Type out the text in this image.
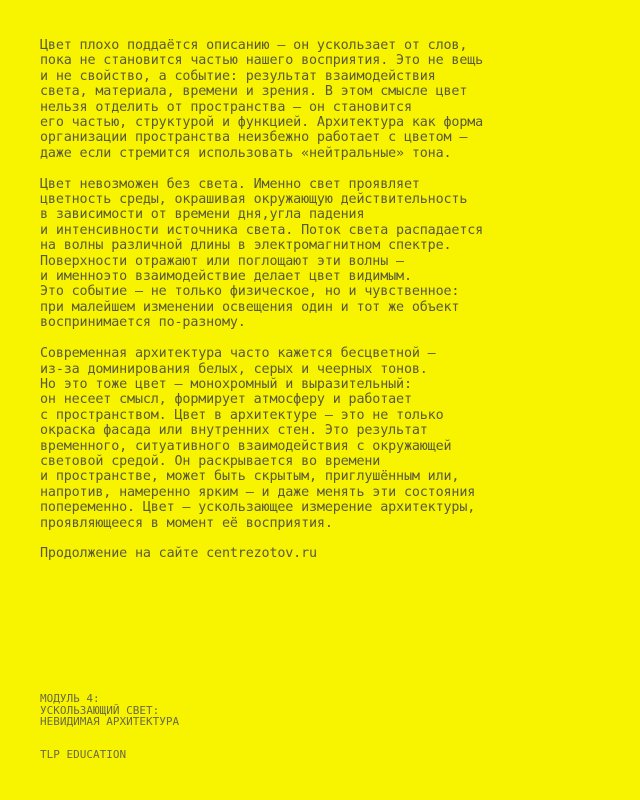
Цвет плохо поддаётся описанию — он ускользает от слов,
пока не становится частью нашего восприятия. Это не вещь
и не свойство, а событие: результат взаимодействия
света, материала, времени и зрения. В этом смысле цвет
нельзя отделить от пространства — он становится
его частью, структурой и функцией. Архитектура как форма
организации пространства неизбежно работает с цветом —
даже если стремится использовать «нейтральные» тона.

Цвет невозможен без света. Именно свет проявляет
цветность среды, окрашивая окружающую действительность
в зависимости от времени дня,угла падения
и интенсивности источника света. Поток света распадается
на волны различной длины в электромагнитном спектре.
Поверхности отражают или поглощают эти волны —
и именноэто взаимодействие делает цвет видимым.
Это событие — не только физическое, но и чувственное:
при малейшем изменении освещения один и тот же объект
воспринимается по-разному.

Современная архитектура часто кажется бесцветной —
из-за доминирования белых, серых и чеерных тонов.
Но это тоже цвет — монохромный и выразительный:
он несеет смысл, формирует атмосферу и работает
с пространством. Цвет в архитектуре — это не только
окраска фасада или внутренних стен. Это результат
временного, ситуативного взаимодействия с окружающей
световой средой. Он раскрывается во времени
и пространстве, может быть скрытым, приглушённым или,
напротив, намеренно ярким — и даже менять эти состояния
попеременно. Цвет — ускользающее измерение архитектуры,
проявляющееся в момент её восприятия.

Продолжение на сайте centrezotov.ru

МОДУЛЬ 4:
УСКОЛЬЗАЮЩИЙ СВЕТ:
НЕВИДИМАЯ АРХИТЕКТУРА
TLP EDUCATION
